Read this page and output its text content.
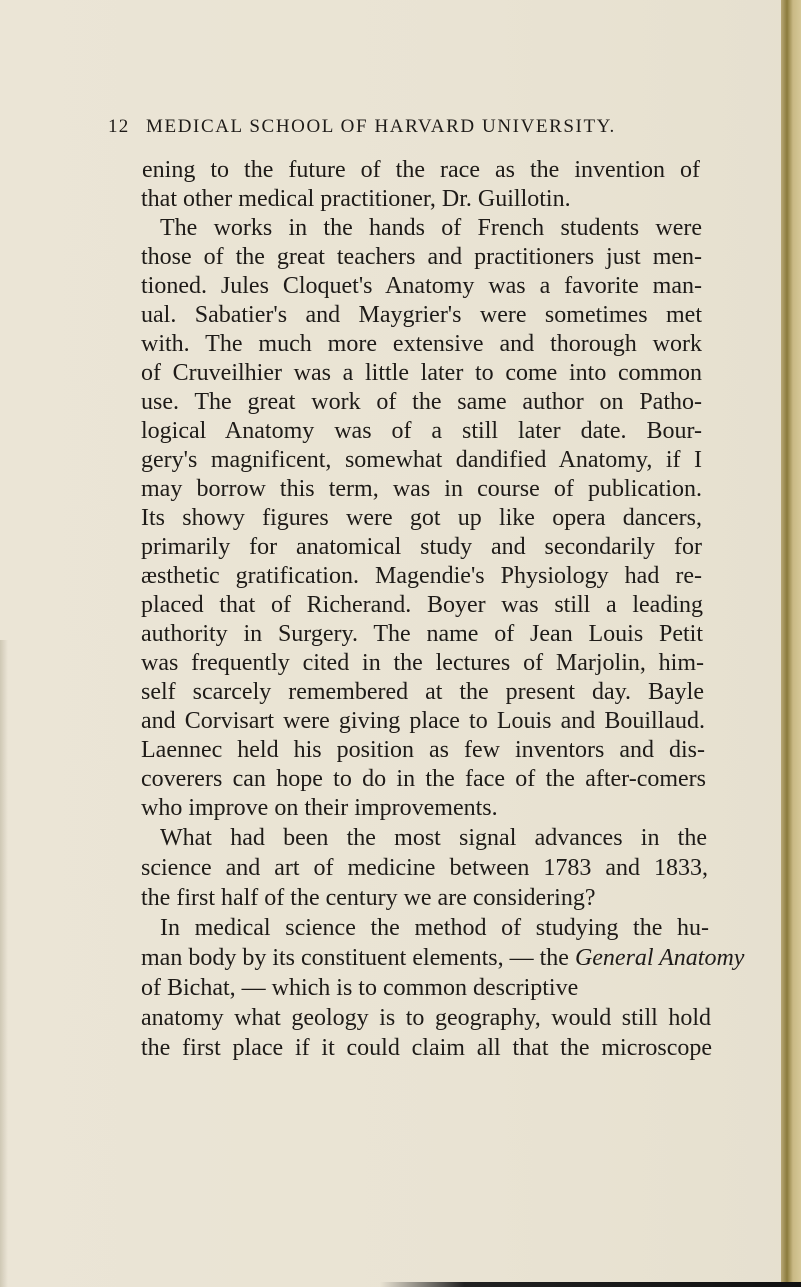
12 MEDICAL SCHOOL OF HARVARD UNIVERSITY.
ening to the future of the race as the invention of
that other medical practitioner, Dr. Guillotin.
The works in the hands of French students were
those of the great teachers and practitioners just men-
tioned. Jules Cloquet's Anatomy was a favorite man-
ual. Sabatier's and Maygrier's were sometimes met
with. The much more extensive and thorough work
of Cruveilhier was a little later to come into common
use. The great work of the same author on Patho-
logical Anatomy was of a still later date. Bour-
gery's magnificent, somewhat dandified Anatomy, if I
may borrow this term, was in course of publication.
Its showy figures were got up like opera dancers,
primarily for anatomical study and secondarily for
æsthetic gratification. Magendie's Physiology had re-
placed that of Richerand. Boyer was still a leading
authority in Surgery. The name of Jean Louis Petit
was frequently cited in the lectures of Marjolin, him-
self scarcely remembered at the present day. Bayle
and Corvisart were giving place to Louis and Bouillaud.
Laennec held his position as few inventors and dis-
coverers can hope to do in the face of the after-comers
who improve on their improvements.
What had been the most signal advances in the
science and art of medicine between 1783 and 1833,
the first half of the century we are considering?
In medical science the method of studying the hu-
man body by its constituent elements, — the General Anatomy
of Bichat, — which is to common descriptive
anatomy what geology is to geography, would still hold
the first place if it could claim all that the microscope
